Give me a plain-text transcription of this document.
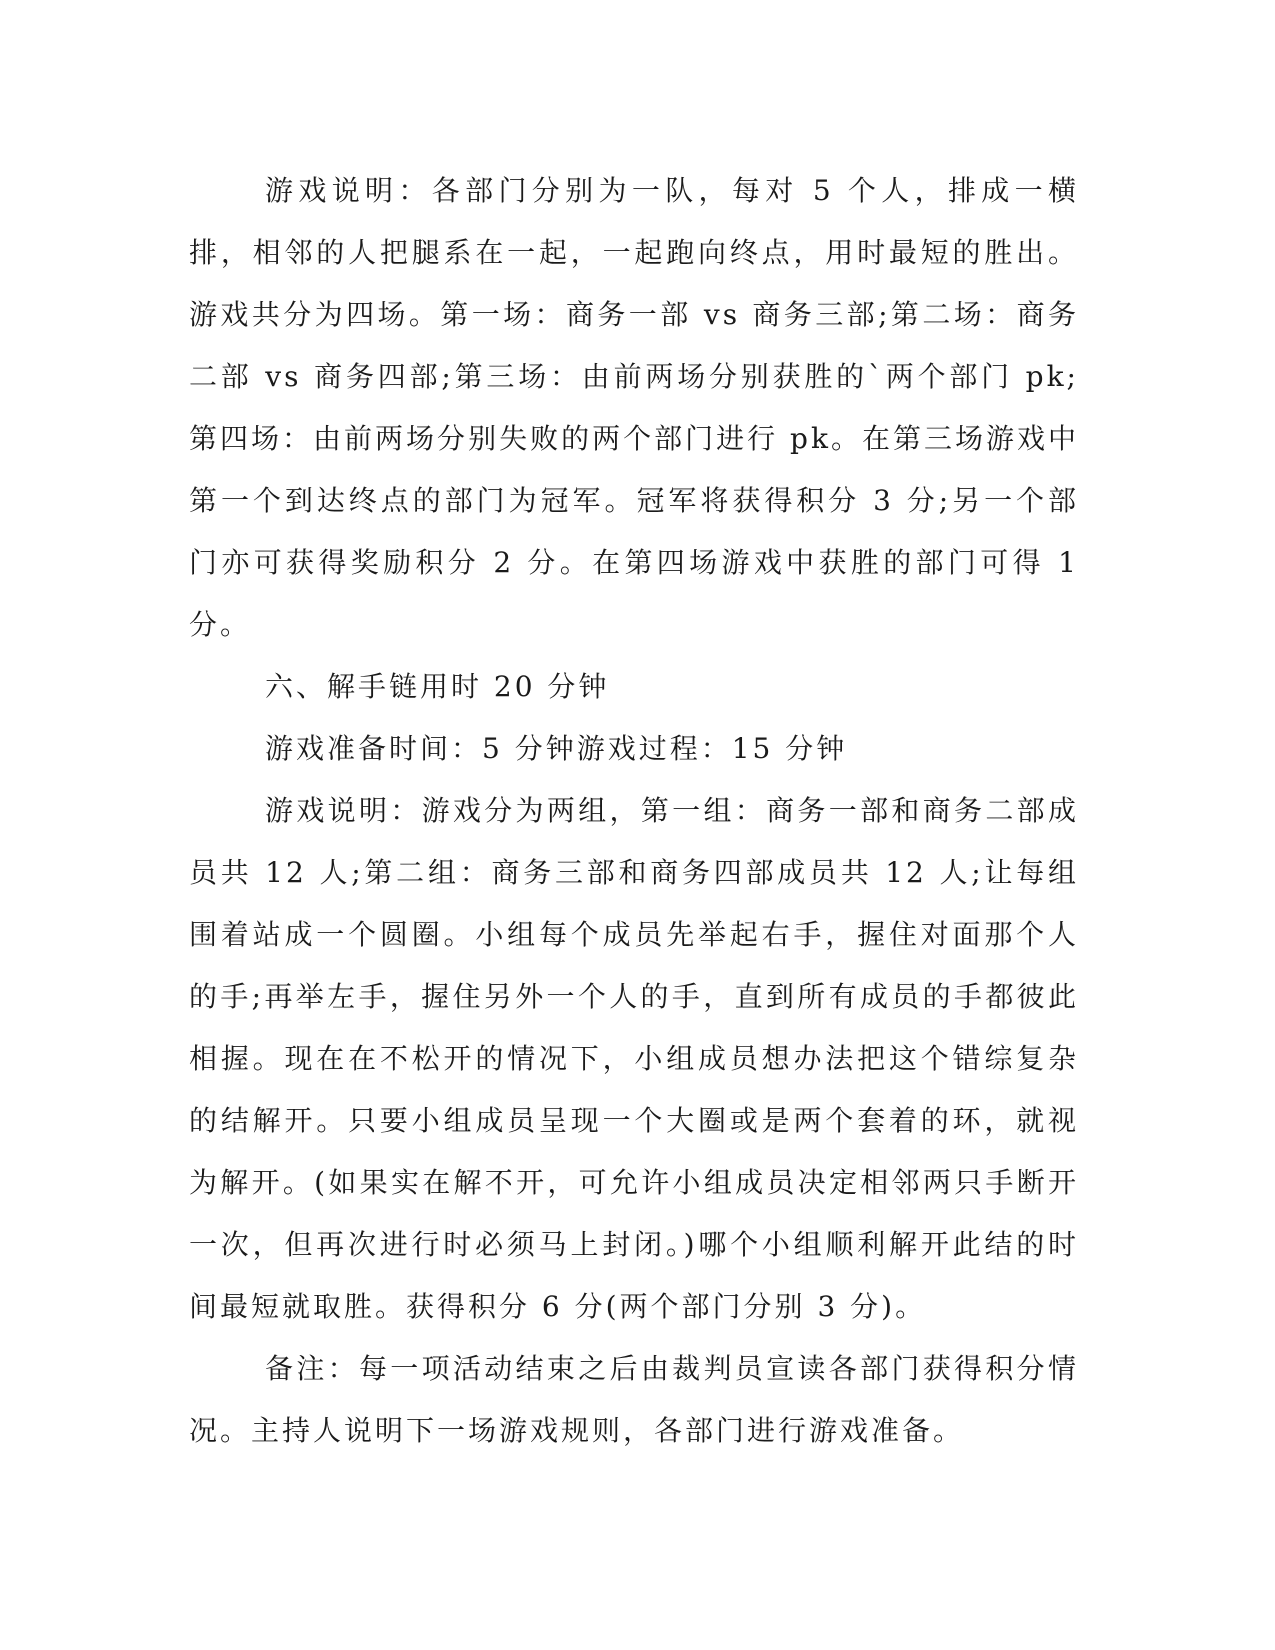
游戏说明：各部门分别为一队，每对 5 个人，排成一横排，相邻的人把腿系在一起，一起跑向终点，用时最短的胜出。游戏共分为四场。第一场：商务一部 vs 商务三部;第二场：商务二部 vs 商务四部;第三场：由前两场分别获胜的`两个部门 pk;第四场：由前两场分别失败的两个部门进行 pk。在第三场游戏中第一个到达终点的部门为冠军。冠军将获得积分 3 分;另一个部门亦可获得奖励积分 2 分。在第四场游戏中获胜的部门可得 1 分。

六、解手链用时 20 分钟

游戏准备时间：5 分钟游戏过程：15 分钟

游戏说明：游戏分为两组，第一组：商务一部和商务二部成员共 12 人;第二组：商务三部和商务四部成员共 12 人;让每组围着站成一个圆圈。小组每个成员先举起右手，握住对面那个人的手;再举左手，握住另外一个人的手，直到所有成员的手都彼此相握。现在在不松开的情况下，小组成员想办法把这个错综复杂的结解开。只要小组成员呈现一个大圈或是两个套着的环，就视为解开。(如果实在解不开，可允许小组成员决定相邻两只手断开一次，但再次进行时必须马上封闭。)哪个小组顺利解开此结的时间最短就取胜。获得积分 6 分(两个部门分别 3 分)。

备注：每一项活动结束之后由裁判员宣读各部门获得积分情况。主持人说明下一场游戏规则，各部门进行游戏准备。
